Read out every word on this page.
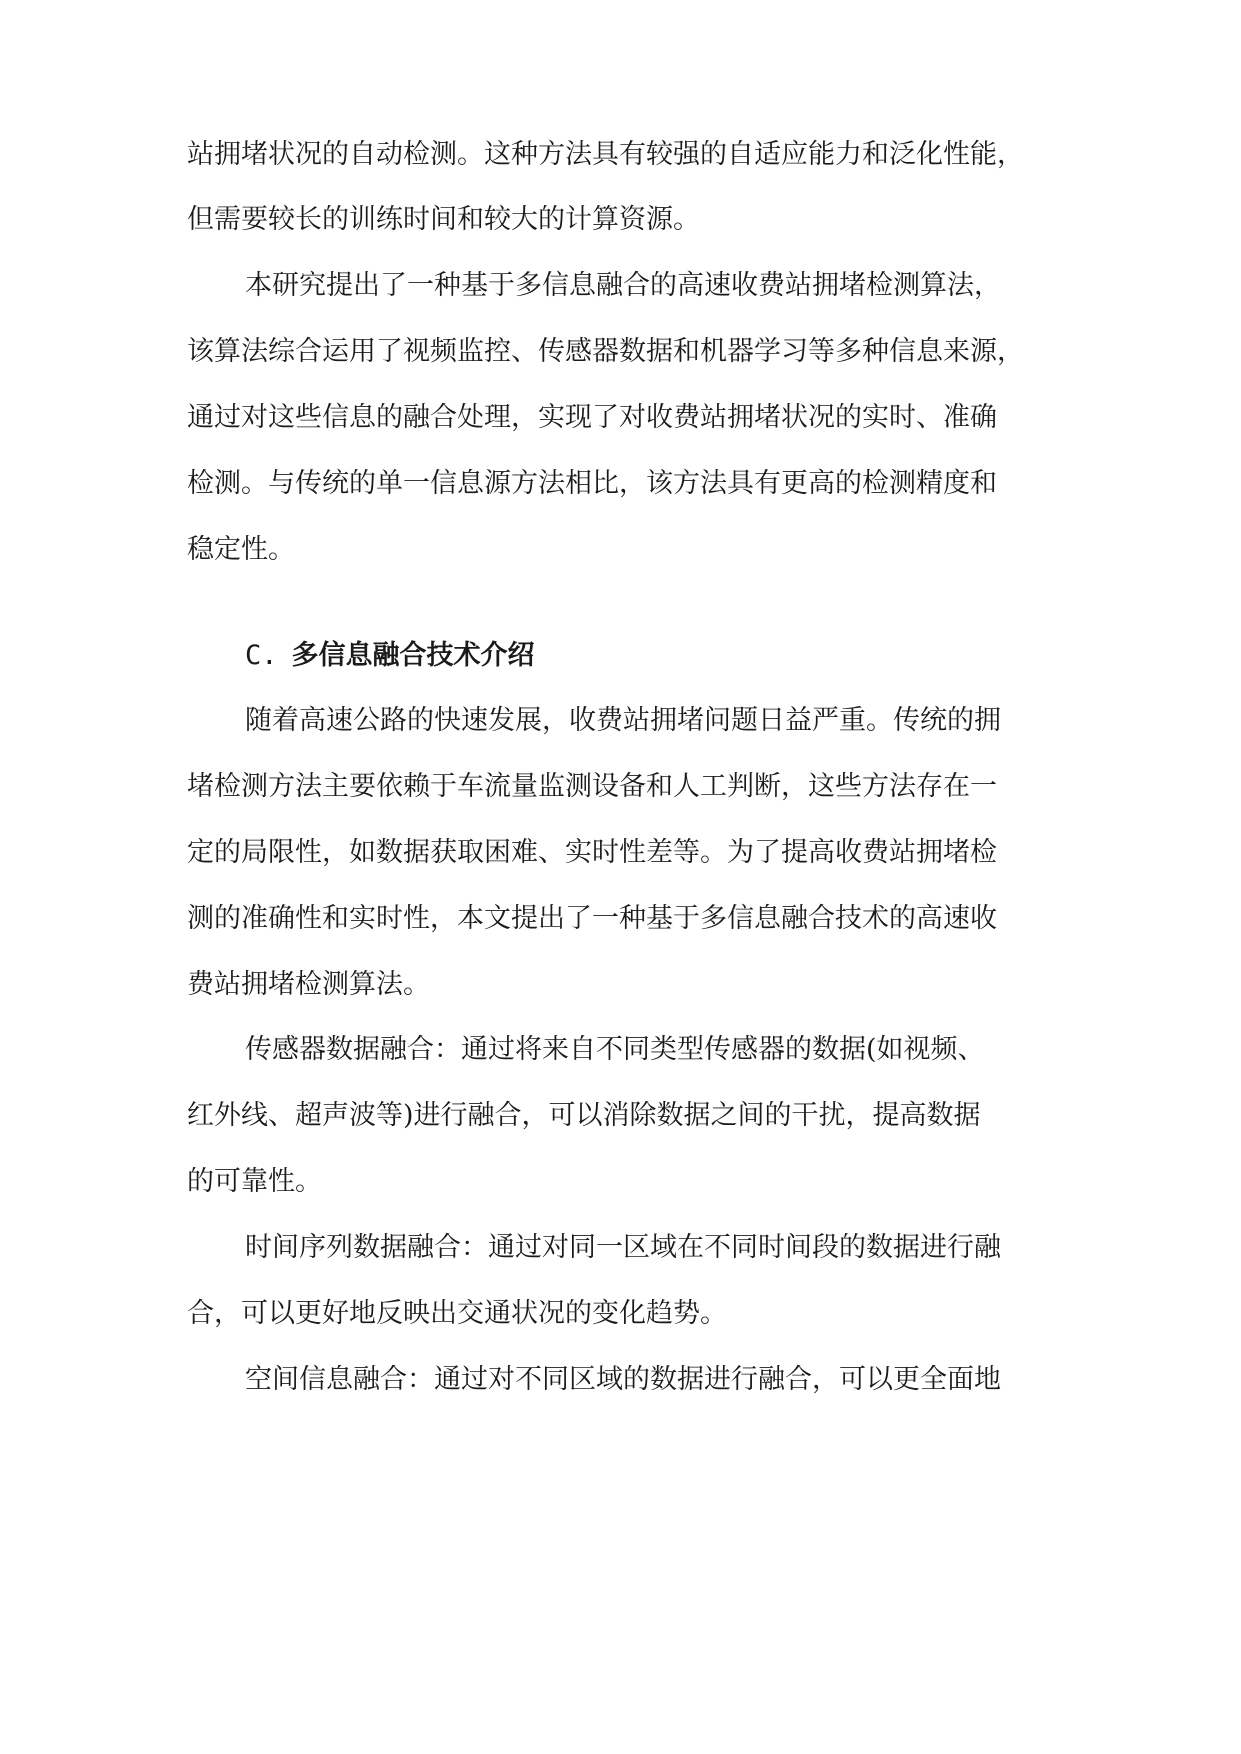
站拥堵状况的自动检测。这种方法具有较强的自适应能力和泛化性能，
但需要较长的训练时间和较大的计算资源。
本研究提出了一种基于多信息融合的高速收费站拥堵检测算法，
该算法综合运用了视频监控、传感器数据和机器学习等多种信息来源，
通过对这些信息的融合处理，实现了对收费站拥堵状况的实时、准确
检测。与传统的单一信息源方法相比，该方法具有更高的检测精度和
稳定性。
C. 多信息融合技术介绍
随着高速公路的快速发展，收费站拥堵问题日益严重。传统的拥
堵检测方法主要依赖于车流量监测设备和人工判断，这些方法存在一
定的局限性，如数据获取困难、实时性差等。为了提高收费站拥堵检
测的准确性和实时性，本文提出了一种基于多信息融合技术的高速收
费站拥堵检测算法。
传感器数据融合：通过将来自不同类型传感器的数据(如视频、
红外线、超声波等)进行融合，可以消除数据之间的干扰，提高数据
的可靠性。
时间序列数据融合：通过对同一区域在不同时间段的数据进行融
合，可以更好地反映出交通状况的变化趋势。
空间信息融合：通过对不同区域的数据进行融合，可以更全面地
